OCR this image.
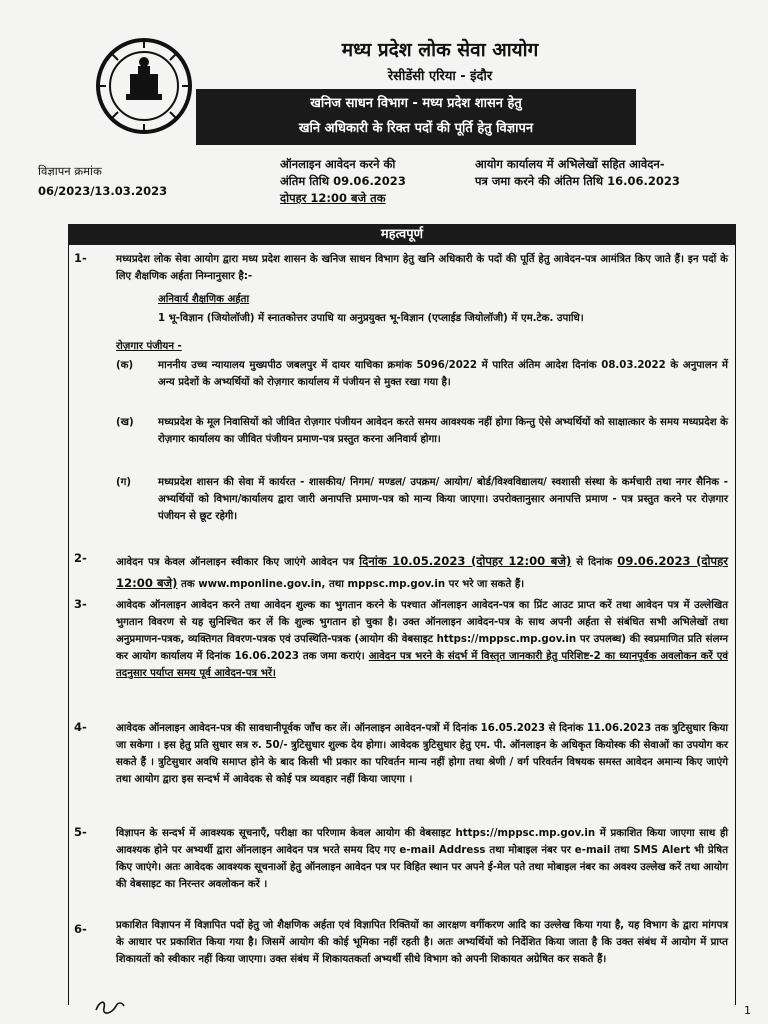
मध्य प्रदेश लोक सेवा आयोग
रेसीडेंसी एरिया - इंदौर
खनिज साधन विभाग - मध्य प्रदेश शासन हेतु
खनि अधिकारी के रिक्त पदों की पूर्ति हेतु विज्ञापन
विज्ञापन क्रमांक
06/2023/13.03.2023
ऑनलाइन आवेदन करने की
अंतिम तिथि 09.06.2023
दोपहर 12:00 बजे तक
आयोग कार्यालय में अभिलेखों सहित आवेदन-
पत्र जमा करने की अंतिम तिथि 16.06.2023
महत्वपूर्ण
1-	मध्यप्रदेश लोक सेवा आयोग द्वारा मध्य प्रदेश शासन के खनिज साधन विभाग हेतु खनि अधिकारी के पदों की पूर्ति हेतु आवेदन-पत्र आमंत्रित किए जाते हैं। इन पदों के लिए शैक्षणिक अर्हता निम्नानुसार है:-
अनिवार्य शैक्षणिक अर्हता
1 भू-विज्ञान (जियोलॉजी) में स्नातकोत्तर उपाधि या अनुप्रयुक्त भू-विज्ञान (एप्लाईड जियोलॉजी) में एम.टेक. उपाधि।
रोज़गार पंजीयन -
(क) माननीय उच्च न्यायालय मुख्यपीठ जबलपुर में दायर याचिका क्रमांक 5096/2022 में पारित अंतिम आदेश दिनांक 08.03.2022 के अनुपालन में अन्य प्रदेशों के अभ्यर्थियों को रोज़गार कार्यालय में पंजीयन से मुक्त रखा गया है।
(ख) मध्यप्रदेश के मूल निवासियों को जीवित रोज़गार पंजीयन आवेदन करते समय आवश्यक नहीं होगा किन्तु ऐसे अभ्यर्थियों को साक्षात्कार के समय मध्यप्रदेश के रोज़गार कार्यालय का जीवित पंजीयन प्रमाण-पत्र प्रस्तुत करना अनिवार्य होगा।
(ग)	मध्यप्रदेश शासन की सेवा में कार्यरत - शासकीय/ निगम/ मण्डल/ उपक्रम/ आयोग/ बोर्ड/विश्वविद्यालय/ स्वशासी संस्था के कर्मचारी तथा नगर सैनिक - अभ्यर्थियों को विभाग/कार्यालय द्वारा जारी अनापत्ति प्रमाण-पत्र को मान्य किया जाएगा। उपरोक्तानुसार अनापत्ति प्रमाण - पत्र प्रस्तुत करने पर रोज़गार पंजीयन से छूट रहेगी।
2-	आवेदन पत्र केवल ऑनलाइन स्वीकार किए जाएंगे आवेदन पत्र दिनांक 10.05.2023 (दोपहर 12:00 बजे) से दिनांक 09.06.2023 (दोपहर 12:00 बजे) तक www.mponline.gov.in, तथा mppsc.mp.gov.in पर भरे जा सकते हैं।
3-	आवेदक ऑनलाइन आवेदन करने तथा आवेदन शुल्क का भुगतान करने के पश्चात ऑनलाइन आवेदन-पत्र का प्रिंट आउट प्राप्त करें तथा आवेदन पत्र में उल्लेखित भुगतान विवरण से यह सुनिश्चित कर लें कि शुल्क भुगतान हो चुका है। उक्त ऑनलाइन आवेदन-पत्र के साथ अपनी अर्हता से संबंधित सभी अभिलेखों तथा अनुप्रमाणन-पत्रक, व्यक्तिगत विवरण-पत्रक एवं उपस्थिति-पत्रक (आयोग की वेबसाइट https://mppsc.mp.gov.in पर उपलब्ध) की स्वप्रमाणित प्रति संलग्न कर आयोग कार्यालय में दिनांक 16.06.2023 तक जमा कराएं। आवेदन पत्र भरने के संदर्भ में विस्तृत जानकारी हेतु परिशिष्ट-2 का ध्यानपूर्वक अवलोकन करें एवं तदनुसार पर्याप्त समय पूर्व आवेदन-पत्र भरें।
4-	आवेदक ऑनलाइन आवेदन-पत्र की सावधानीपूर्वक जाँच कर लें। ऑनलाइन आवेदन-पत्रों में दिनांक 16.05.2023 से दिनांक 11.06.2023 तक त्रुटिसुधार किया जा सकेगा । इस हेतु प्रति सुधार सत्र रु. 50/- त्रुटिसुधार शुल्क देय होगा। आवेदक त्रुटिसुधार हेतु एम. पी. ऑनलाइन के अधिकृत कियोस्क की सेवाओं का उपयोग कर सकते हैं । त्रुटिसुधार अवधि समाप्त होने के बाद किसी भी प्रकार का परिवर्तन मान्य नहीं होगा तथा श्रेणी / वर्ग परिवर्तन विषयक समस्त आवेदन अमान्य किए जाएंगे तथा आयोग द्वारा इस सन्दर्भ में आवेदक से कोई पत्र व्यवहार नहीं किया जाएगा ।
5-	विज्ञापन के सन्दर्भ में आवश्यक सूचनाएँ, परीक्षा का परिणाम केवल आयोग की वेबसाइट https://mppsc.mp.gov.in में प्रकाशित किया जाएगा साथ ही आवश्यक होने पर अभ्यर्थी द्वारा ऑनलाइन आवेदन पत्र भरते समय दिए गए e-mail Address तथा मोबाइल नंबर पर e-mail तथा SMS Alert भी प्रेषित किए जाएंगे। अतः आवेदक आवश्यक सूचनाओं हेतु ऑनलाइन आवेदन पत्र पर विहित स्थान पर अपने ई-मेल पते तथा मोबाइल नंबर का अवश्य उल्लेख करें तथा आयोग की वेबसाइट का निरन्तर अवलोकन करें ।
6-	प्रकाशित विज्ञापन में विज्ञापित पदों हेतु जो शैक्षणिक अर्हता एवं विज्ञापित रिक्तियों का आरक्षण वर्गीकरण आदि का उल्लेख किया गया है, यह विभाग के द्वारा मांगपत्र के आधार पर प्रकाशित किया गया है। जिसमें आयोग की कोई भूमिका नहीं रहती है। अतः अभ्यर्थियों को निर्देशित किया जाता है कि उक्त संबंध में आयोग में प्राप्त शिकायतों को स्वीकार नहीं किया जाएगा। उक्त संबंध में शिकायतकर्ता अभ्यर्थी सीधे विभाग को अपनी शिकायत अग्रेषित कर सकते हैं।
1
